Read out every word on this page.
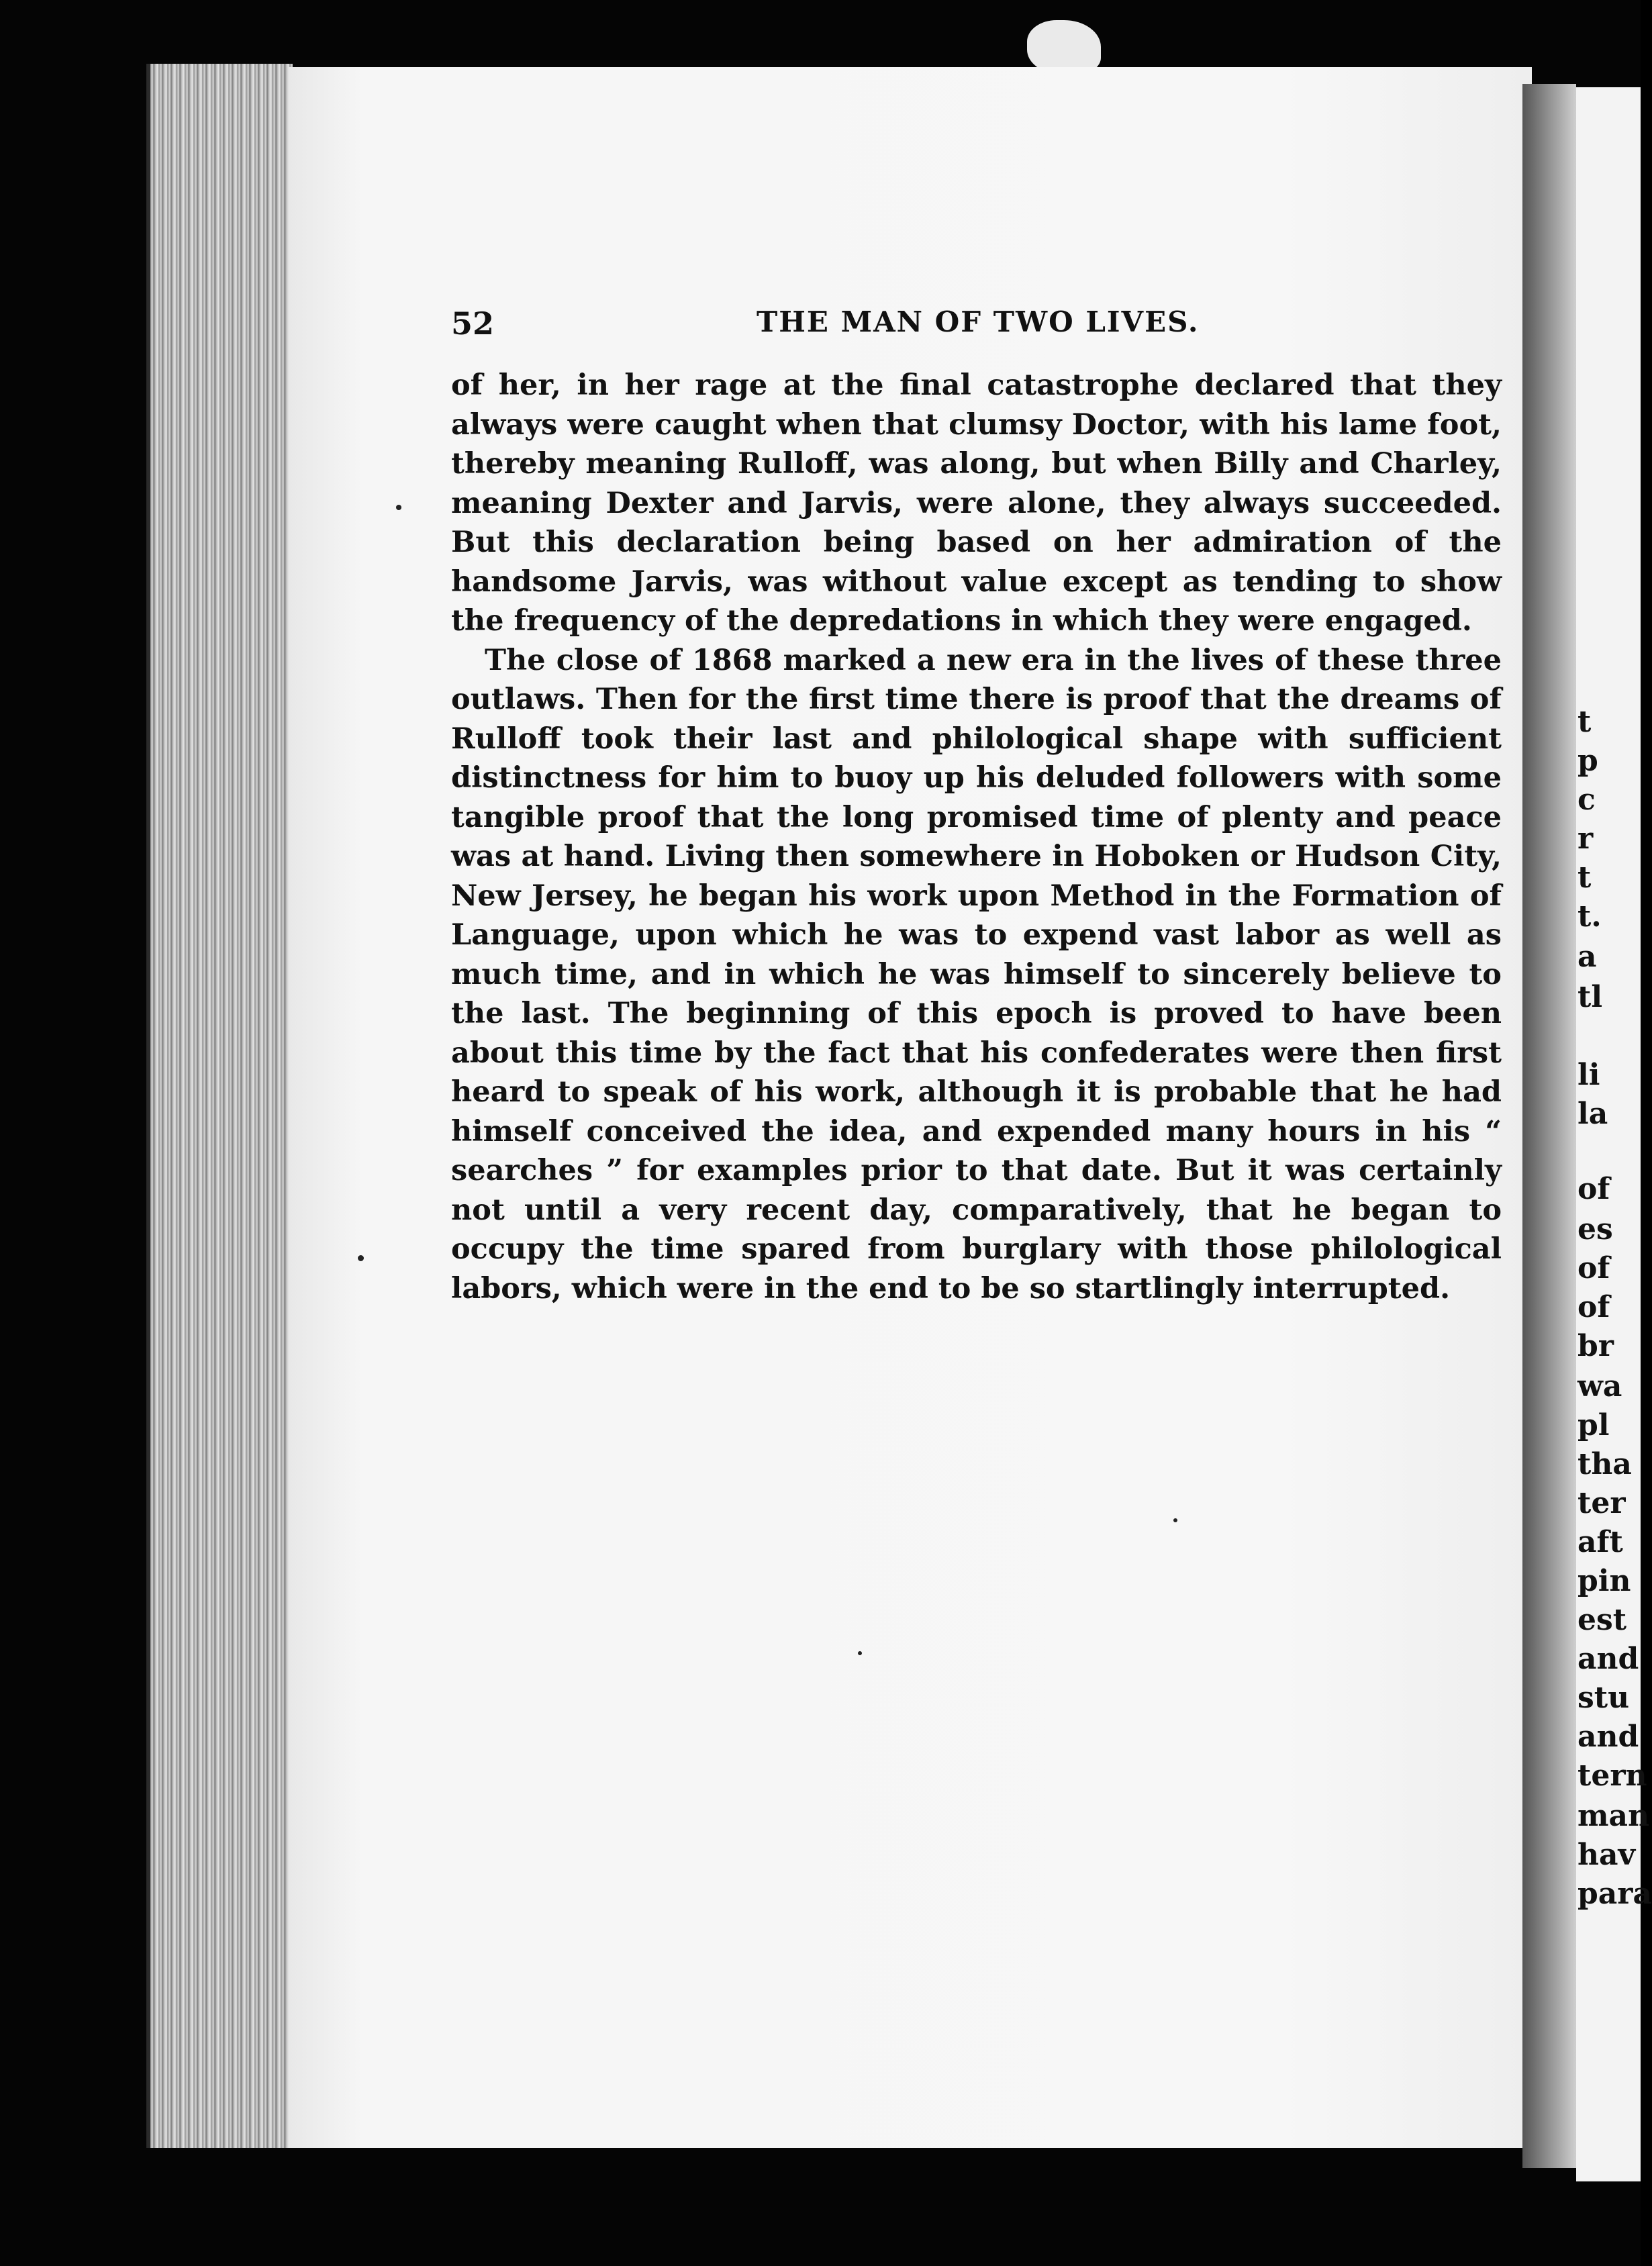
t
p
c
r
t
t.
a
tl
li
la
of
es
of
of
br
wa
pl
tha
ter
aft
pin
est
and
stu
and
tern
man
hav
para
52	THE MAN OF TWO LIVES.

of her, in her rage at the final catastrophe declared that they always were caught when that clumsy Doctor, with his lame foot, thereby meaning Rulloff, was along, but when Billy and Charley, meaning Dexter and Jarvis, were alone, they always succeeded. But this declaration being based on her admiration of the handsome Jarvis, was without value except as tending to show the frequency of the depredations in which they were engaged.

The close of 1868 marked a new era in the lives of these three outlaws. Then for the first time there is proof that the dreams of Rulloff took their last and philological shape with sufficient distinctness for him to buoy up his deluded followers with some tangible proof that the long promised time of plenty and peace was at hand. Living then somewhere in Hoboken or Hudson City, New Jersey, he began his work upon Method in the Formation of Language, upon which he was to expend vast labor as well as much time, and in which he was himself to sincerely believe to the last. The beginning of this epoch is proved to have been about this time by the fact that his confederates were then first heard to speak of his work, although it is probable that he had himself conceived the idea, and expended many hours in his “ searches ” for examples prior to that date. But it was certainly not until a very recent day, comparatively, that he began to occupy the time spared from burglary with those philological labors, which were in the end to be so startlingly interrupted.
